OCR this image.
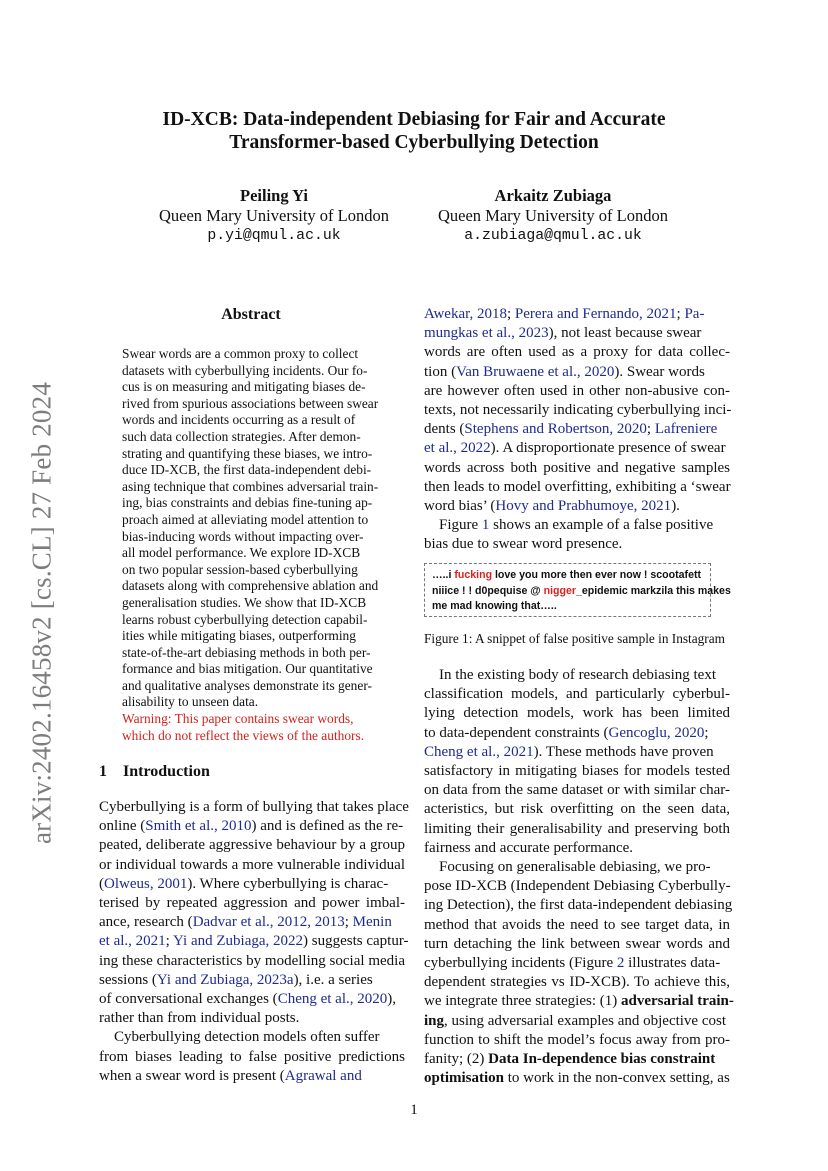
arXiv:2402.16458v2 [cs.CL] 27 Feb 2024
ID-XCB: Data-independent Debiasing for Fair and Accurate
Transformer-based Cyberbullying Detection
Peiling Yi
Queen Mary University of London
p.yi@qmul.ac.uk
Arkaitz Zubiaga
Queen Mary University of London
a.zubiaga@qmul.ac.uk
Abstract
Swear words are a common proxy to collect
datasets with cyberbullying incidents. Our fo-
cus is on measuring and mitigating biases de-
rived from spurious associations between swear
words and incidents occurring as a result of
such data collection strategies. After demon-
strating and quantifying these biases, we intro-
duce ID-XCB, the first data-independent debi-
asing technique that combines adversarial train-
ing, bias constraints and debias fine-tuning ap-
proach aimed at alleviating model attention to
bias-inducing words without impacting over-
all model performance. We explore ID-XCB
on two popular session-based cyberbullying
datasets along with comprehensive ablation and
generalisation studies. We show that ID-XCB
learns robust cyberbullying detection capabil-
ities while mitigating biases, outperforming
state-of-the-art debiasing methods in both per-
formance and bias mitigation. Our quantitative
and qualitative analyses demonstrate its gener-
alisability to unseen data.
Warning: This paper contains swear words,
which do not reflect the views of the authors.
1 Introduction
Cyberbullying is a form of bullying that takes place
online (Smith et al., 2010) and is defined as the re-
peated, deliberate aggressive behaviour by a group
or individual towards a more vulnerable individual
(Olweus, 2001). Where cyberbullying is charac-
terised by repeated aggression and power imbal-
ance, research (Dadvar et al., 2012, 2013; Menin
et al., 2021; Yi and Zubiaga, 2022) suggests captur-
ing these characteristics by modelling social media
sessions (Yi and Zubiaga, 2023a), i.e. a series
of conversational exchanges (Cheng et al., 2020),
rather than from individual posts.
Cyberbullying detection models often suffer
from biases leading to false positive predictions
when a swear word is present (Agrawal and
Awekar, 2018; Perera and Fernando, 2021; Pa-
mungkas et al., 2023), not least because swear
words are often used as a proxy for data collec-
tion (Van Bruwaene et al., 2020). Swear words
are however often used in other non-abusive con-
texts, not necessarily indicating cyberbullying inci-
dents (Stephens and Robertson, 2020; Lafreniere
et al., 2022). A disproportionate presence of swear
words across both positive and negative samples
then leads to model overfitting, exhibiting a ‘swear
word bias’ (Hovy and Prabhumoye, 2021).
Figure 1 shows an example of a false positive
bias due to swear word presence.
…..i fucking love you more then ever now ! scootafett
niiice ! ! d0pequise @ nigger_epidemic markzila this makes
me mad knowing that…..
Figure 1: A snippet of false positive sample in Instagram
In the existing body of research debiasing text
classification models, and particularly cyberbul-
lying detection models, work has been limited
to data-dependent constraints (Gencoglu, 2020;
Cheng et al., 2021). These methods have proven
satisfactory in mitigating biases for models tested
on data from the same dataset or with similar char-
acteristics, but risk overfitting on the seen data,
limiting their generalisability and preserving both
fairness and accurate performance.
Focusing on generalisable debiasing, we pro-
pose ID-XCB (Independent Debiasing Cyberbully-
ing Detection), the first data-independent debiasing
method that avoids the need to see target data, in
turn detaching the link between swear words and
cyberbullying incidents (Figure 2 illustrates data-
dependent strategies vs ID-XCB). To achieve this,
we integrate three strategies: (1) adversarial train-
ing, using adversarial examples and objective cost
function to shift the model’s focus away from pro-
fanity; (2) Data In-dependence bias constraint
optimisation to work in the non-convex setting, as
1
